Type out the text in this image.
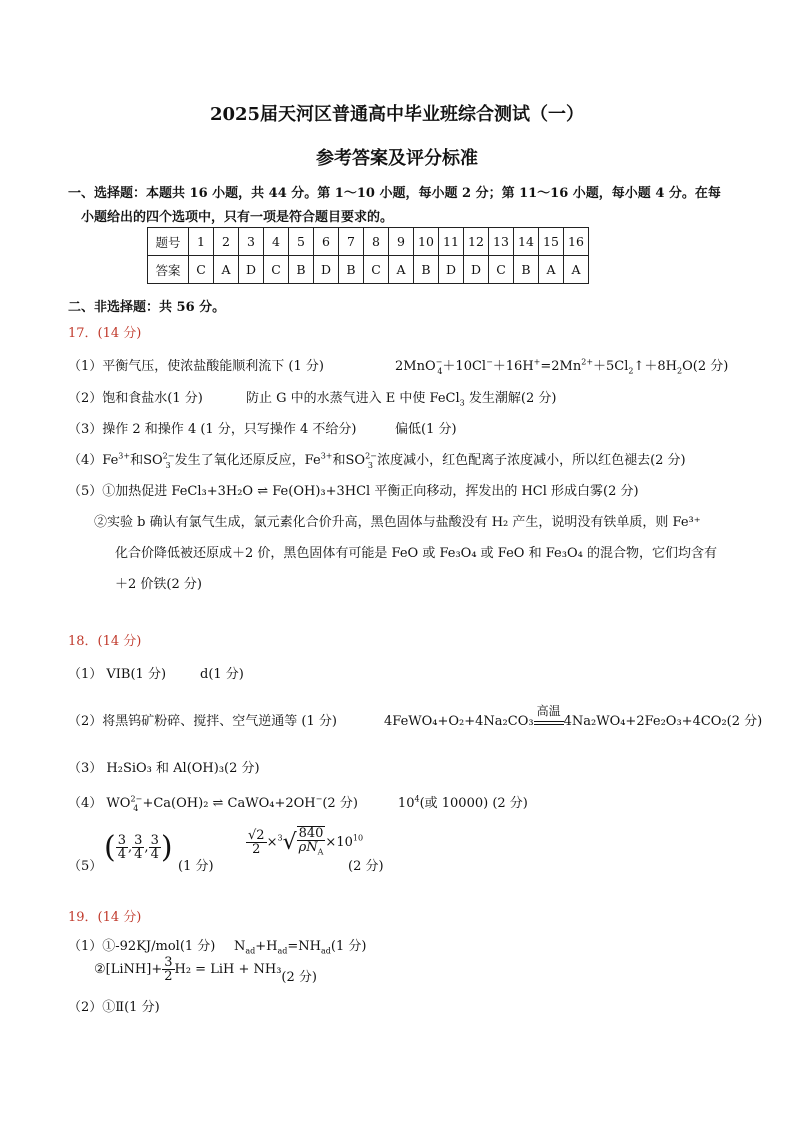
2025届天河区普通高中毕业班综合测试（一）
参考答案及评分标准
一、选择题：本题共 16 小题，共 44 分。第 1～10 小题，每小题 2 分；第 11～16 小题，每小题 4 分。在每
小题给出的四个选项中，只有一项是符合题目要求的。
题号	1	2	3	4	5	6	7	8	9	10	11	12	13	14	15	16
答案	C	A	D	C	B	D	B	C	A	B	D	D	C	B	A	A
二、非选择题：共 56 分。
17．(14 分)
（1）平衡气压，使浓盐酸能顺利流下 (1 分)	$2MnO^-_4+10Cl^-+16H^+=2Mn^{2+}+5Cl_2↑+8H_2O(2$ 分)
（2）饱和食盐水(1 分)	防止 G 中的水蒸气进入 E 中使 FeCl$_3$ 发生潮解(2 分)
（3）操作 2 和操作 4 (1 分，只写操作 4 不给分)	偏低(1 分)
$(4)Fe^{3+}$和$SO^{2-}_3$ 发生了氧化还原反应，$Fe^{3+}$和$SO^{2-}_3$ 浓度减小，红色配离子浓度减小，所以红色褪去(2 分)
（5）①加热促进 FeCl₃+3H₂O ⇌ Fe(OH)₃+3HCl 平衡正向移动，挥发出的 HCl 形成白雾(2 分)
②实验 b 确认有氯气生成，氯元素化合价升高，黑色固体与盐酸没有 H₂ 产生，说明没有铁单质，则 Fe³⁺
化合价降低被还原成＋2 价，黑色固体有可能是 FeO 或 Fe₃O₄ 或 FeO 和 Fe₃O₄ 的混合物，它们均含有
＋2 价铁(2 分)
18．(14 分)
（1） VIB(1 分)	d(1 分)
（2）将黑钨矿粉碎、搅拌、空气逆通等 (1 分)	4FeWO₄+O₂+4Na₂CO₃
高温
4Na₂WO₄+2Fe₂O₃+4CO₂(2 分)
（3） H₂SiO₃ 和 Al(OH)₃(2 分)
（4） $WO^{2-}_4 +Ca(OH)_2$ ⇌ CaWO₄+2OH−(2 分)	$10^4$(或 10000) (2 分)
（5）
( $\frac{3}{4}$ , $\frac{3}{4}$ , $\frac{3}{4}$ )
(1 分)
$\frac{√2}{2} \times^3√ \frac{840}{\rho N_A} \times 10^{10}$
(2 分)
19．(14 分)
（1）①-92KJ/mol(1 分) $N_{ad}+H_{ad}=NH_{ad}(1$ 分)
②[LiNH]+ $\frac{3}{2} H_2$ = LiH + NH₃(2 分)
（2）①Ⅱ(1 分)
